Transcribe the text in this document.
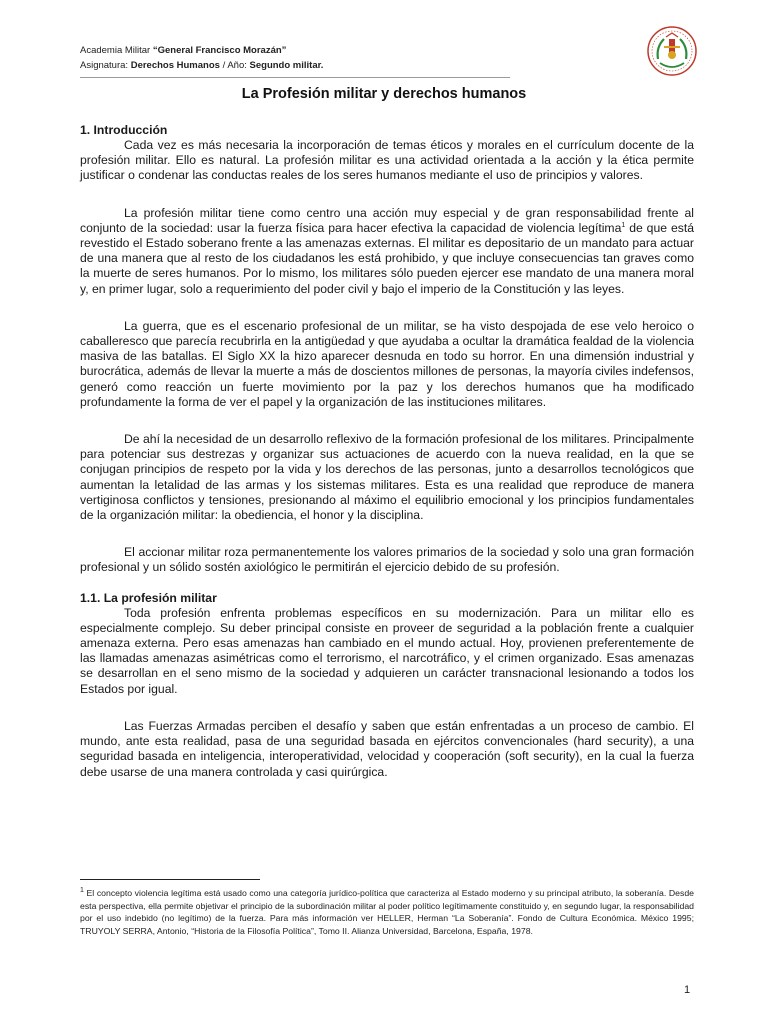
Academia Militar “General Francisco Morazán”
Asignatura: Derechos Humanos / Año: Segundo militar.
La Profesión militar y derechos humanos

1. Introducción

Cada vez es más necesaria la incorporación de temas éticos y morales en el currículum docente de la profesión militar. Ello es natural. La profesión militar es una actividad orientada a la acción y la ética permite justificar o condenar las conductas reales de los seres humanos mediante el uso de principios y valores.

La profesión militar tiene como centro una acción muy especial y de gran responsabilidad frente al conjunto de la sociedad: usar la fuerza física para hacer efectiva la capacidad de violencia legítima$^1$ de que está revestido el Estado soberano frente a las amenazas externas. El militar es depositario de un mandato para actuar de una manera que al resto de los ciudadanos les está prohibido, y que incluye consecuencias tan graves como la muerte de seres humanos. Por lo mismo, los militares sólo pueden ejercer ese mandato de una manera moral y, en primer lugar, solo a requerimiento del poder civil y bajo el imperio de la Constitución y las leyes.

La guerra, que es el escenario profesional de un militar, se ha visto despojada de ese velo heroico o caballeresco que parecía recubrirla en la antigüedad y que ayudaba a ocultar la dramática fealdad de la violencia masiva de las batallas. El Siglo XX la hizo aparecer desnuda en todo su horror. En una dimensión industrial y burocrática, además de llevar la muerte a más de doscientos millones de personas, la mayoría civiles indefensos, generó como reacción un fuerte movimiento por la paz y los derechos humanos que ha modificado profundamente la forma de ver el papel y la organización de las instituciones militares.

De ahí la necesidad de un desarrollo reflexivo de la formación profesional de los militares. Principalmente para potenciar sus destrezas y organizar sus actuaciones de acuerdo con la nueva realidad, en la que se conjugan principios de respeto por la vida y los derechos de las personas, junto a desarrollos tecnológicos que aumentan la letalidad de las armas y los sistemas militares. Esta es una realidad que reproduce de manera vertiginosa conflictos y tensiones, presionando al máximo el equilibrio emocional y los principios fundamentales de la organización militar: la obediencia, el honor y la disciplina.

El accionar militar roza permanentemente los valores primarios de la sociedad y solo una gran formación profesional y un sólido sostén axiológico le permitirán el ejercicio debido de su profesión.

1.1. La profesión militar

Toda profesión enfrenta problemas específicos en su modernización. Para un militar ello es especialmente complejo. Su deber principal consiste en proveer de seguridad a la población frente a cualquier amenaza externa. Pero esas amenazas han cambiado en el mundo actual. Hoy, provienen preferentemente de las llamadas amenazas asimétricas como el terrorismo, el narcotráfico, y el crimen organizado. Esas amenazas se desarrollan en el seno mismo de la sociedad y adquieren un carácter transnacional lesionando a todos los Estados por igual.

Las Fuerzas Armadas perciben el desafío y saben que están enfrentadas a un proceso de cambio. El mundo, ante esta realidad, pasa de una seguridad basada en ejércitos convencionales (hard security), a una seguridad basada en inteligencia, interoperatividad, velocidad y cooperación (soft security), en la cual la fuerza debe usarse de una manera controlada y casi quirúrgica.

$^1$ El concepto violencia legítima está usado como una categoría jurídico-política que caracteriza al Estado moderno y su principal atributo, la soberanía. Desde esta perspectiva, ella permite objetivar el principio de la subordinación militar al poder político legítimamente constituido y, en segundo lugar, la responsabilidad por el uso indebido (no legítimo) de la fuerza. Para más información ver HELLER, Herman “La Soberanía”. Fondo de Cultura Económica. México 1995; TRUYOLY SERRA, Antonio, “Historia de la Filosofía Política”, Tomo II. Alianza Universidad, Barcelona, España, 1978.
1
